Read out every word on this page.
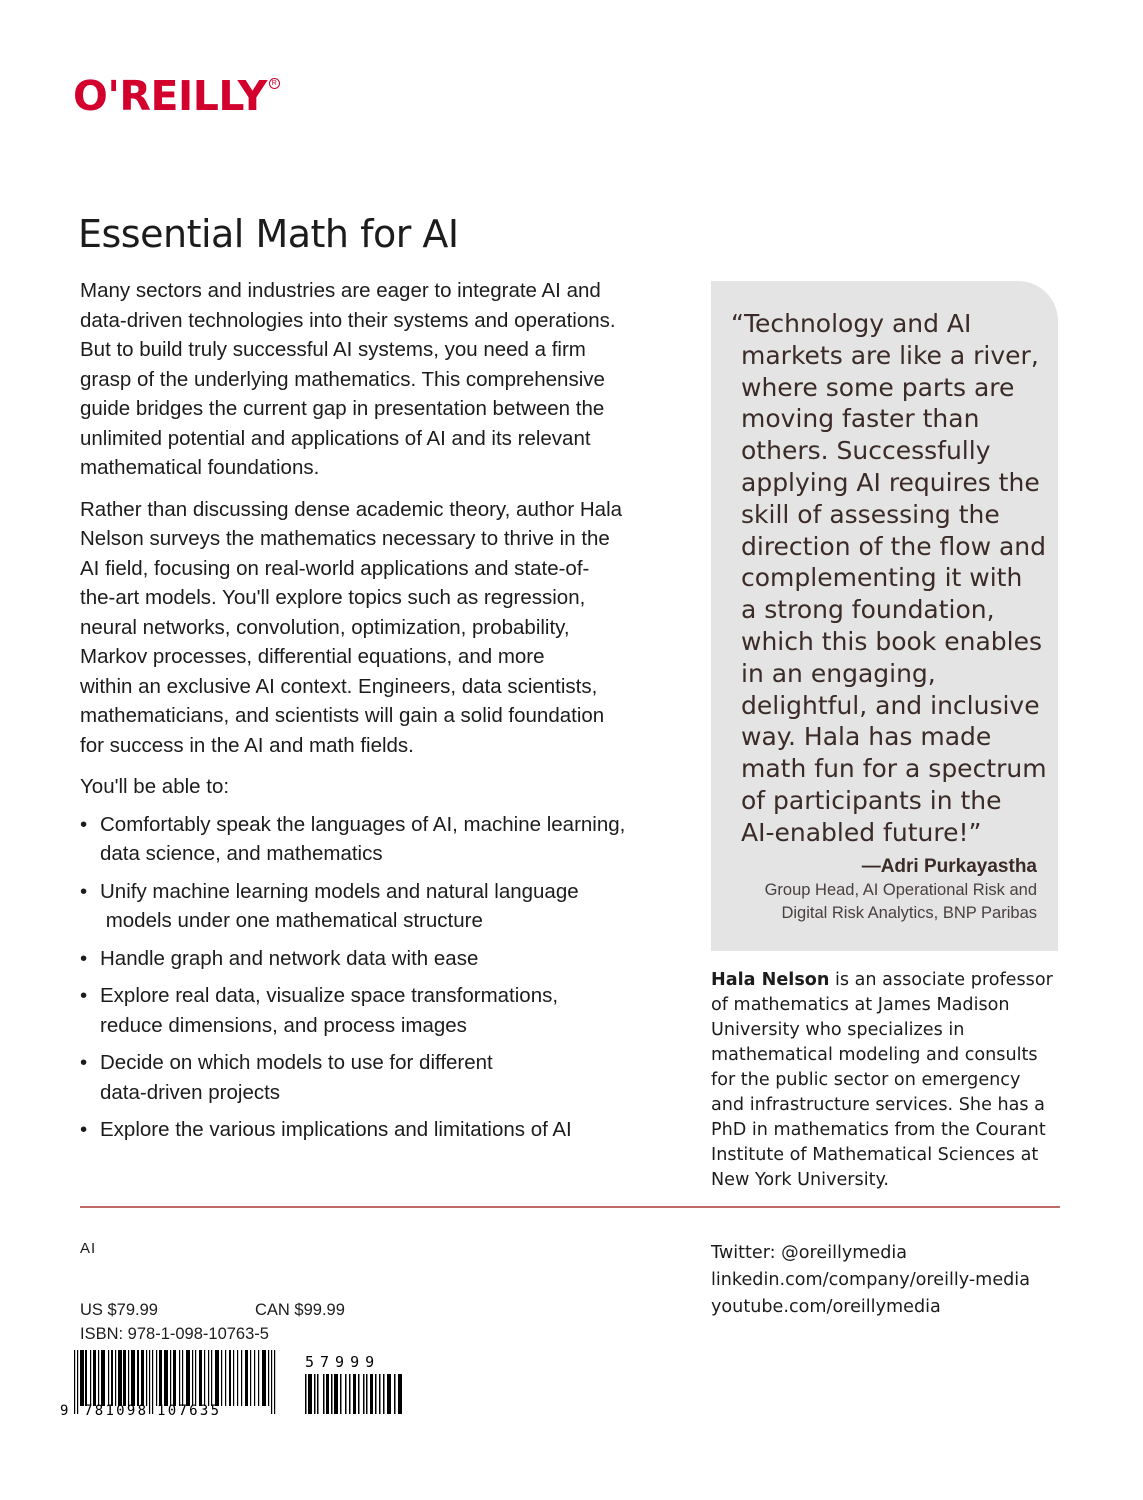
O'REILLY R
Essential Math for AI

Many sectors and industries are eager to integrate AI and
data-driven technologies into their systems and operations.
But to build truly successful AI systems, you need a firm
grasp of the underlying mathematics. This comprehensive
guide bridges the current gap in presentation between the
unlimited potential and applications of AI and its relevant
mathematical foundations.

Rather than discussing dense academic theory, author Hala
Nelson surveys the mathematics necessary to thrive in the
AI field, focusing on real-world applications and state-of-
the-art models. You'll explore topics such as regression,
neural networks, convolution, optimization, probability,
Markov processes, differential equations, and more
within an exclusive AI context. Engineers, data scientists,
mathematicians, and scientists will gain a solid foundation
for success in the AI and math fields.

You'll be able to:

• Comfortably speak the languages of AI, machine learning,
data science, and mathematics
• Unify machine learning models and natural language
models under one mathematical structure
• Handle graph and network data with ease
• Explore real data, visualize space transformations,
reduce dimensions, and process images
• Decide on which models to use for different
data-driven projects
• Explore the various implications and limitations of AI
“Technology and AI
markets are like a river,
where some parts are
moving faster than
others. Successfully
applying AI requires the
skill of assessing the
direction of the flow and
complementing it with
a strong foundation,
which this book enables
in an engaging,
delightful, and inclusive
way. Hala has made
math fun for a spectrum
of participants in the
AI-enabled future!”
—Adri Purkayastha
Group Head, AI Operational Risk and
Digital Risk Analytics, BNP Paribas
Hala Nelson is an associate professor
of mathematics at James Madison
University who specializes in
mathematical modeling and consults
for the public sector on emergency
and infrastructure services. She has a
PhD in mathematics from the Courant
Institute of Mathematical Sciences at
New York University.
AI
US $79.99	CAN $99.99
ISBN: 978-1-098-10763-5
9 781098 107635
57999
Twitter: @oreillymedia
linkedin.com/company/oreilly-media
youtube.com/oreillymedia
